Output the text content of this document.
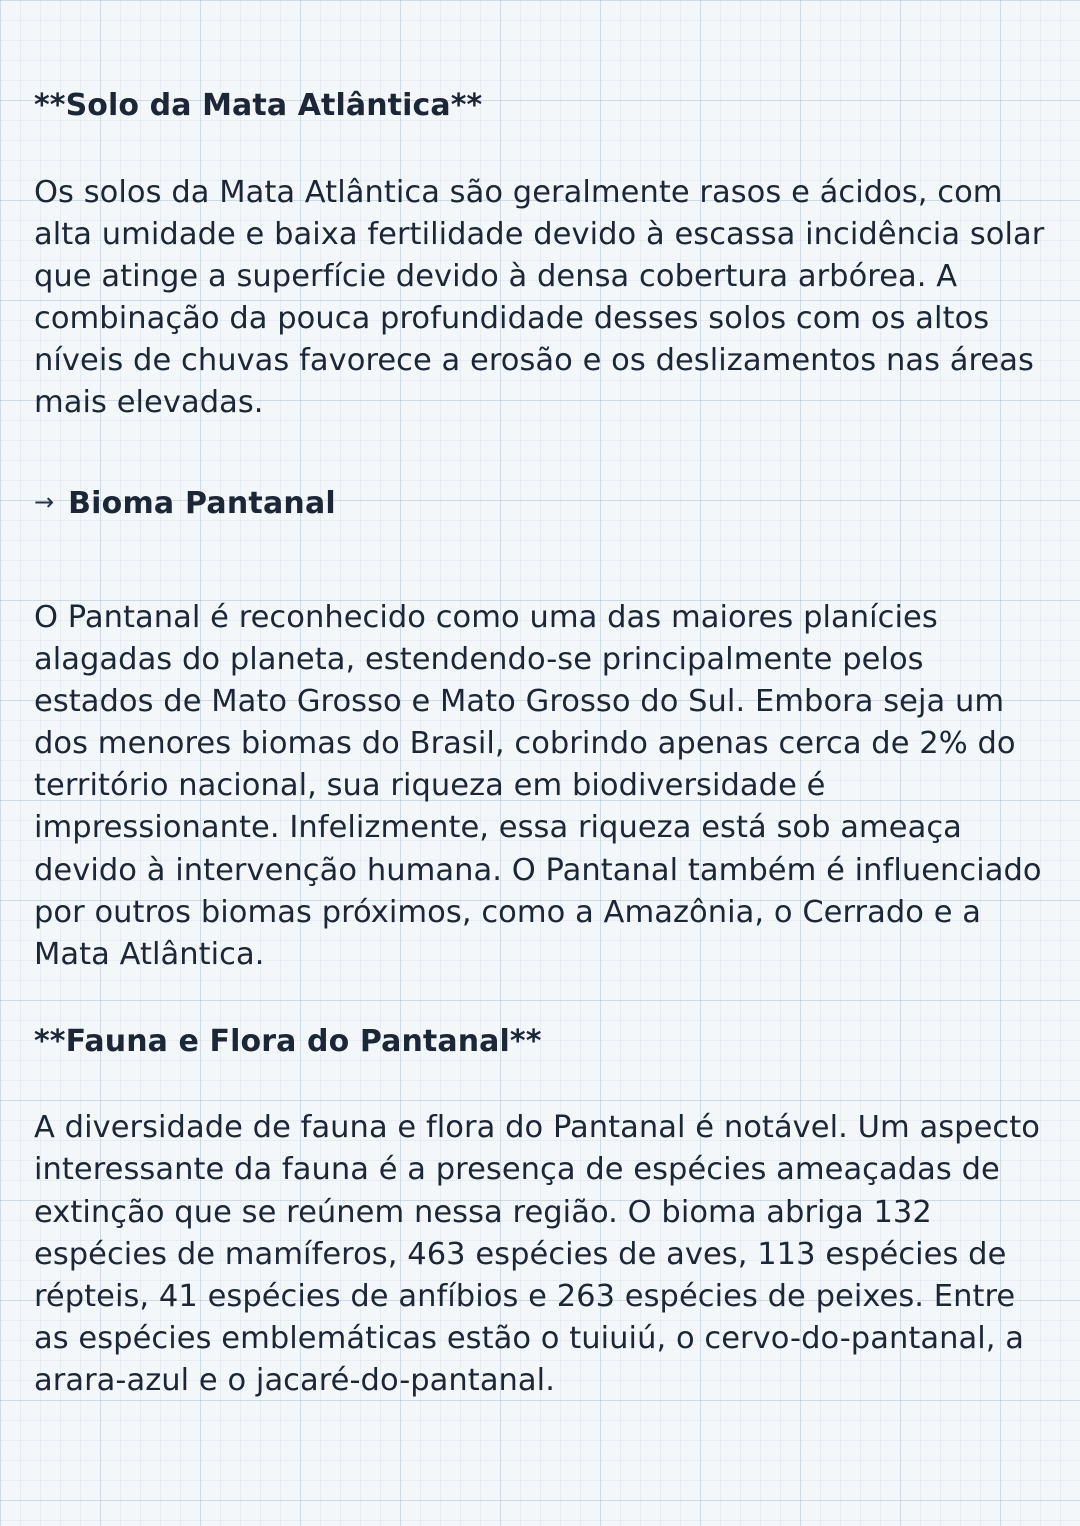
**Solo da Mata Atlântica**

Os solos da Mata Atlântica são geralmente rasos e ácidos, com alta umidade e baixa fertilidade devido à escassa incidência solar que atinge a superfície devido à densa cobertura arbórea. A combinação da pouca profundidade desses solos com os altos níveis de chuvas favorece a erosão e os deslizamentos nas áreas mais elevadas.

→ Bioma Pantanal

O Pantanal é reconhecido como uma das maiores planícies alagadas do planeta, estendendo-se principalmente pelos estados de Mato Grosso e Mato Grosso do Sul. Embora seja um dos menores biomas do Brasil, cobrindo apenas cerca de 2% do território nacional, sua riqueza em biodiversidade é impressionante. Infelizmente, essa riqueza está sob ameaça devido à intervenção humana. O Pantanal também é influenciado por outros biomas próximos, como a Amazônia, o Cerrado e a Mata Atlântica.

**Fauna e Flora do Pantanal**

A diversidade de fauna e flora do Pantanal é notável. Um aspecto interessante da fauna é a presença de espécies ameaçadas de extinção que se reúnem nessa região. O bioma abriga 132 espécies de mamíferos, 463 espécies de aves, 113 espécies de répteis, 41 espécies de anfíbios e 263 espécies de peixes. Entre as espécies emblemáticas estão o tuiuiú, o cervo-do-pantanal, a arara-azul e o jacaré-do-pantanal.
